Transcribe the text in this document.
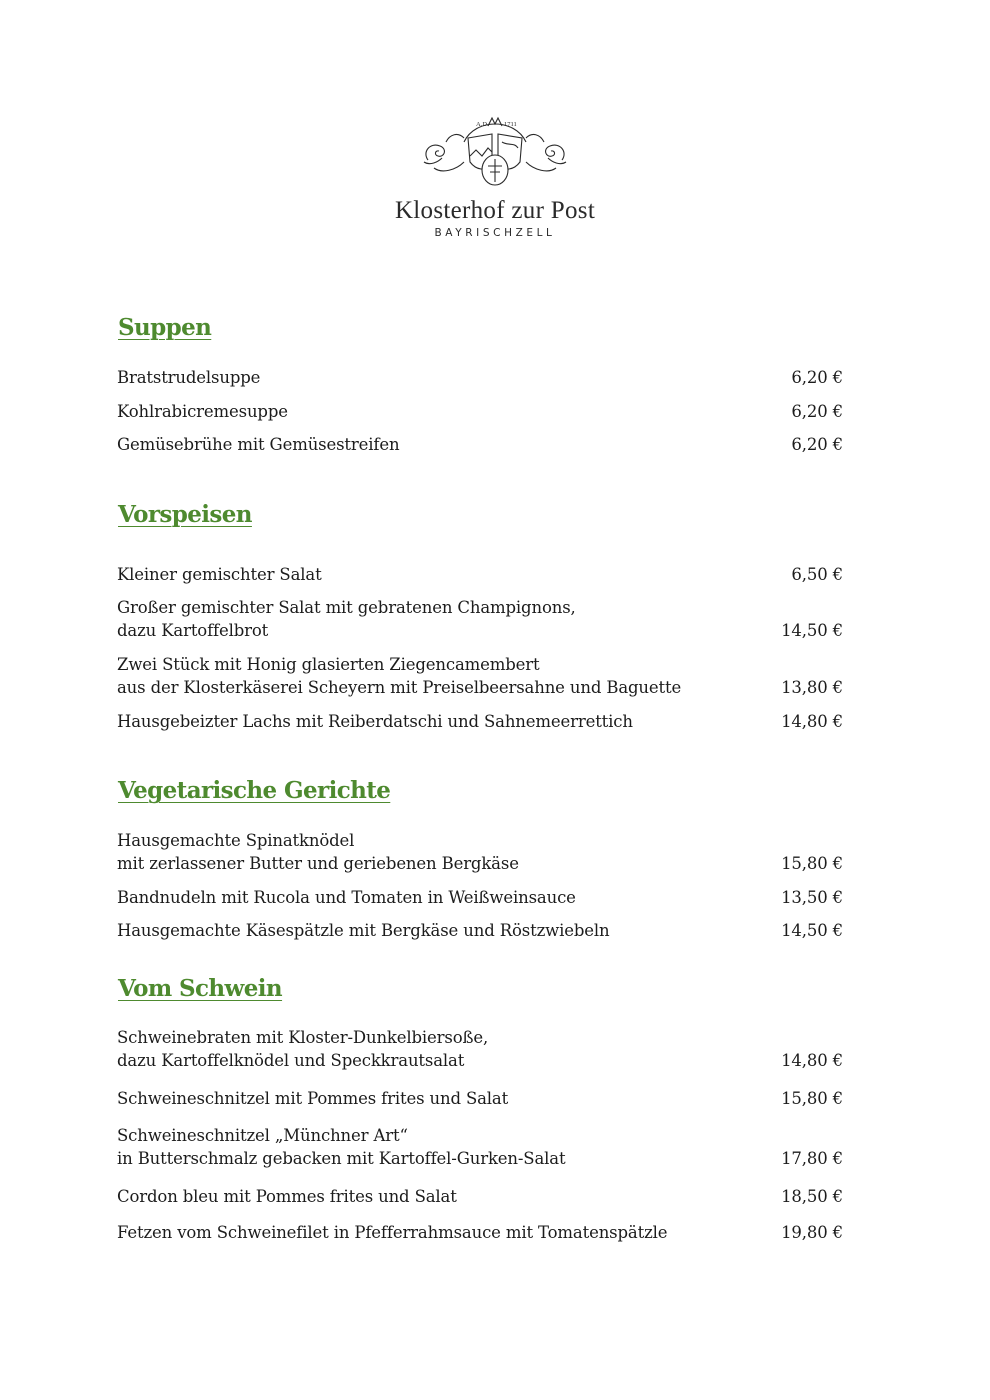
A.D. 1711
Klosterhof zur Post
BAYRISCHZELL
Suppen
Bratstrudelsuppe	6,20 €
Kohlrabicremesuppe	6,20 €
Gemüsebrühe mit Gemüsestreifen	6,20 €
Vorspeisen
Kleiner gemischter Salat	6,50 €
Großer gemischter Salat mit gebratenen Champignons,
dazu Kartoffelbrot	14,50 €
Zwei Stück mit Honig glasierten Ziegencamembert
aus der Klosterkäserei Scheyern mit Preiselbeersahne und Baguette	13,80 €
Hausgebeizter Lachs mit Reiberdatschi und Sahnemeerrettich	14,80 €
Vegetarische Gerichte
Hausgemachte Spinatknödel
mit zerlassener Butter und geriebenen Bergkäse	15,80 €
Bandnudeln mit Rucola und Tomaten in Weißweinsauce	13,50 €
Hausgemachte Käsespätzle mit Bergkäse und Röstzwiebeln	14,50 €
Vom Schwein
Schweinebraten mit Kloster-Dunkelbiersoße,
dazu Kartoffelknödel und Speckkrautsalat	14,80 €
Schweineschnitzel mit Pommes frites und Salat	15,80 €
Schweineschnitzel „Münchner Art“
in Butterschmalz gebacken mit Kartoffel-Gurken-Salat	17,80 €
Cordon bleu mit Pommes frites und Salat	18,50 €
Fetzen vom Schweinefilet in Pfefferrahmsauce mit Tomatenspätzle	19,80 €
